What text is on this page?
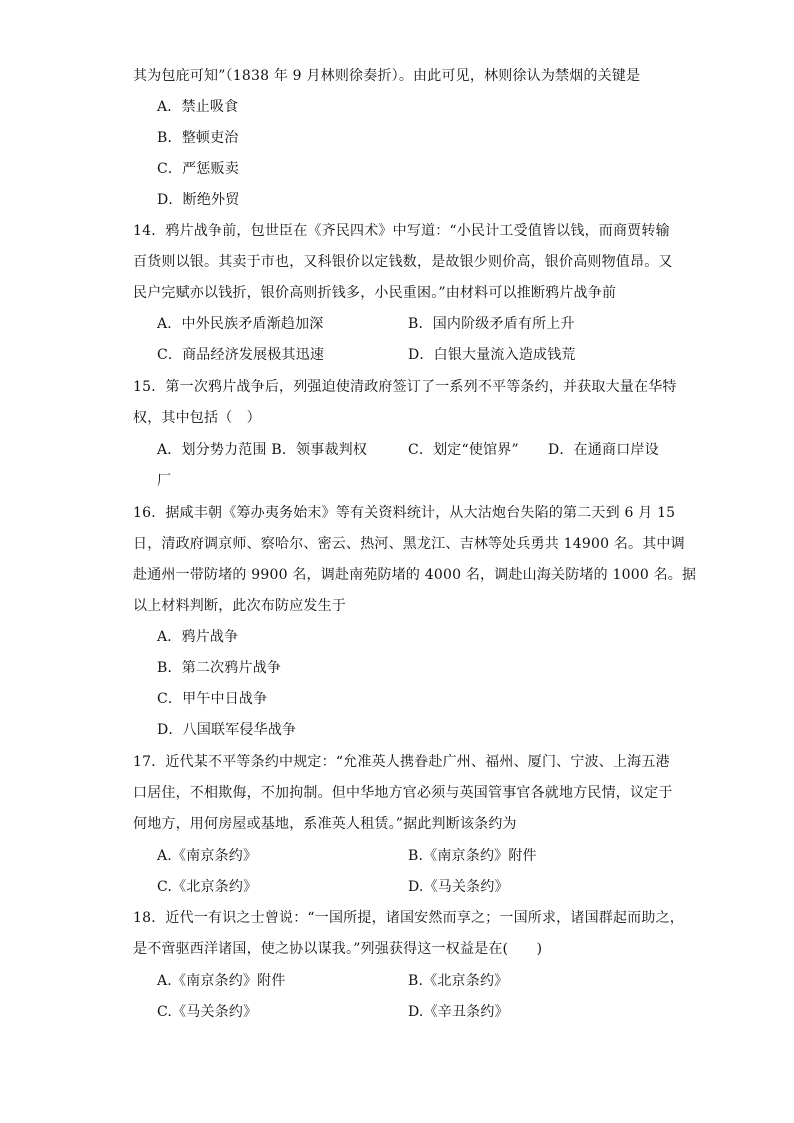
其为包庇可知”（1838 年 9 月林则徐奏折）。由此可见，林则徐认为禁烟的关键是
A．禁止吸食
B．整顿吏治
C．严惩贩卖
D．断绝外贸
14．鸦片战争前，包世臣在《齐民四术》中写道：“小民计工受值皆以钱，而商贾转输
百货则以银。其卖于市也，又科银价以定钱数，是故银少则价高，银价高则物值昂。又
民户完赋亦以钱折，银价高则折钱多，小民重困。”由材料可以推断鸦片战争前
A．中外民族矛盾渐趋加深	B．国内阶级矛盾有所上升
C．商品经济发展极其迅速	D．白银大量流入造成钱荒
15．第一次鸦片战争后，列强迫使清政府签订了一系列不平等条约，并获取大量在华特
权，其中包括（　）
A．划分势力范围 B．领事裁判权	C．划定“使馆界” D．在通商口岸设
厂
16．据咸丰朝《筹办夷务始末》等有关资料统计，从大沽炮台失陷的第二天到 6 月 15
日，清政府调京师、察哈尔、密云、热河、黑龙江、吉林等处兵勇共 14900 名。其中调
赴通州一带防堵的 9900 名，调赴南苑防堵的 4000 名，调赴山海关防堵的 1000 名。据
以上材料判断，此次布防应发生于
A．鸦片战争
B．第二次鸦片战争
C．甲午中日战争
D．八国联军侵华战争
17．近代某不平等条约中规定：“允准英人携眷赴广州、福州、厦门、宁波、上海五港
口居住，不相欺侮，不加拘制。但中华地方官必须与英国管事官各就地方民情，议定于
何地方，用何房屋或基地，系准英人租赁。”据此判断该条约为
A.《南京条约》	B.《南京条约》附件
C.《北京条约》	D.《马关条约》
18．近代一有识之士曾说：“一国所提，诸国安然而享之；一国所求，诸国群起而助之，
是不啻驱西洋诸国，使之协以谋我。”列强获得这一权益是在(　　)
A.《南京条约》附件	B.《北京条约》
C.《马关条约》	D.《辛丑条约》
